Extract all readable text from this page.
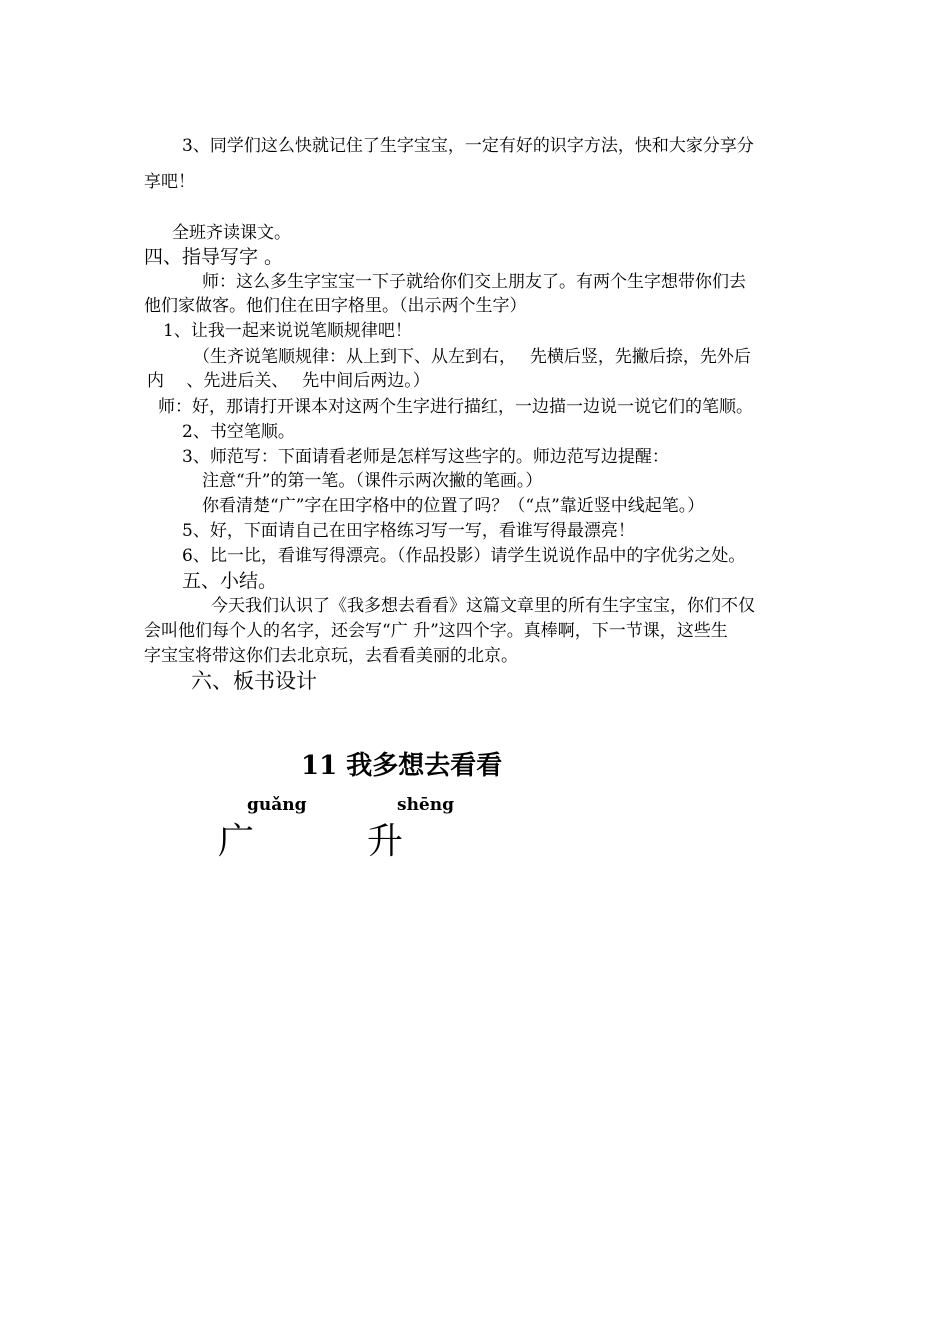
3、同学们这么快就记住了生字宝宝，一定有好的识字方法，快和大家分享分
享吧！
全班齐读课文。
四、指导写字 。
师：这么多生字宝宝一下子就给你们交上朋友了。有两个生字想带你们去
他们家做客。他们住在田字格里。（出示两个生字）
1、让我一起来说说笔顺规律吧！
（生齐说笔顺规律：从上到下、从左到右，　 先横后竖，先撇后捺，先外后
内　 、先进后关、　 先中间后两边。）
师：好，那请打开课本对这两个生字进行描红，一边描一边说一说它们的笔顺。
2、书空笔顺。
3、师范写：下面请看老师是怎样写这些字的。师边范写边提醒：
注意“升”的第一笔。（课件示两次撇的笔画。）
你看清楚“广”字在田字格中的位置了吗？（“点”靠近竖中线起笔。）
5、好，下面请自己在田字格练习写一写，看谁写得最漂亮！
6、比一比，看谁写得漂亮。（作品投影）请学生说说作品中的字优劣之处。
五、小结。
今天我们认识了《我多想去看看》这篇文章里的所有生字宝宝，你们不仅
会叫他们每个人的名字，还会写“广 升”这四个字。真棒啊，下一节课，这些生
字宝宝将带这你们去北京玩，去看看美丽的北京。
六、板书设计
11 我多想去看看
guǎng
广
shēng
升
